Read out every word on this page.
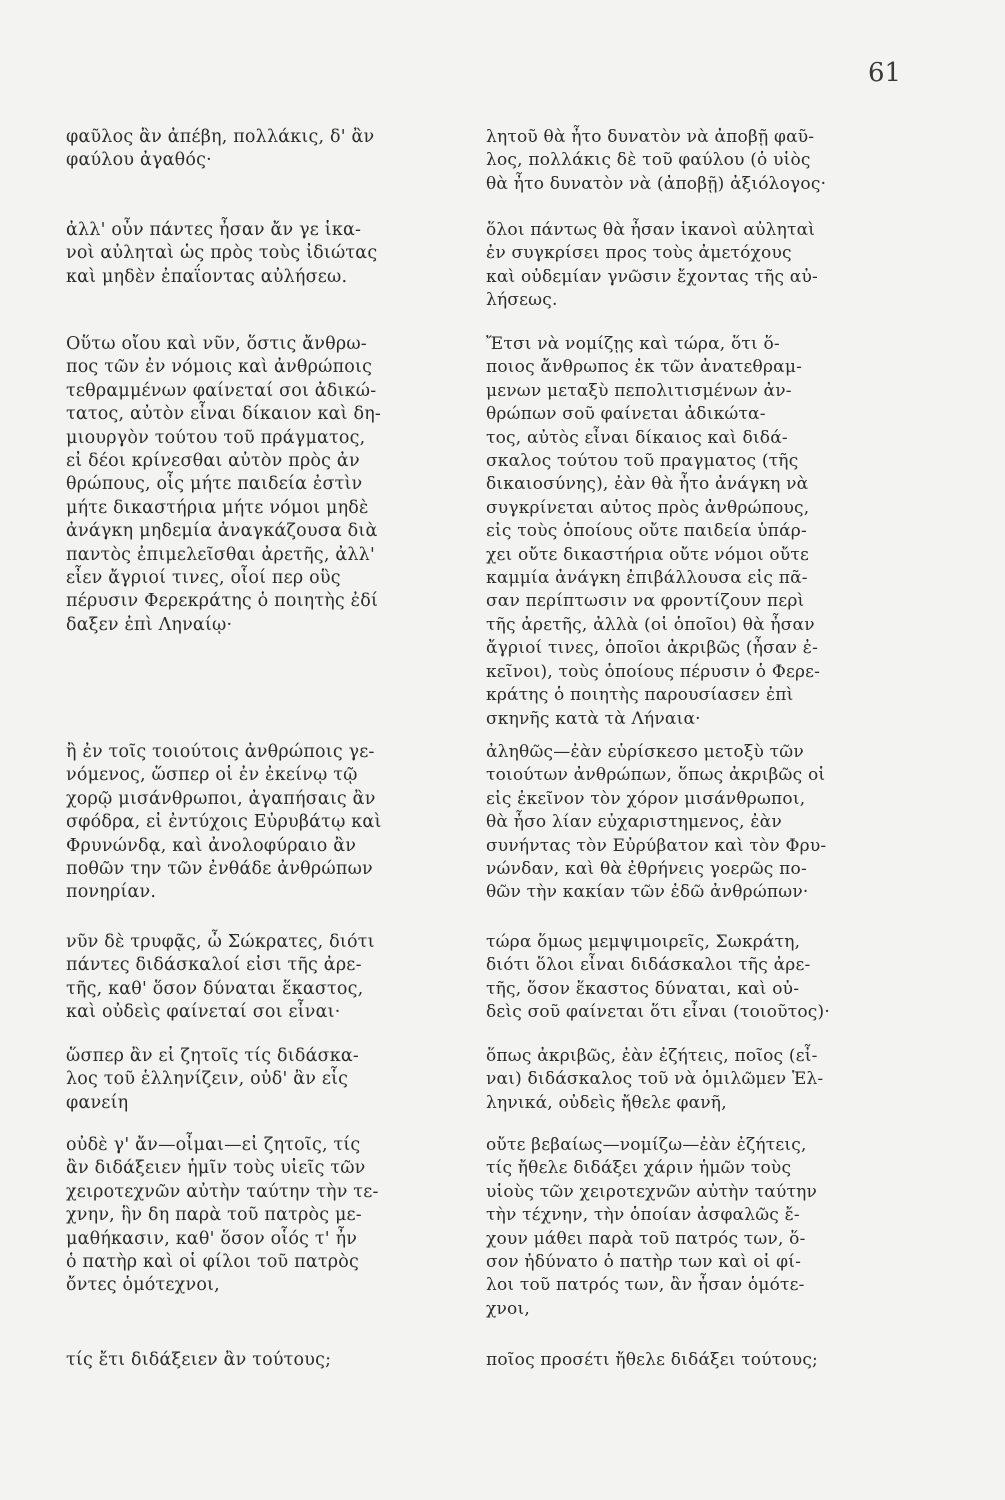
61
φαῦλος ἂν ἀπέβη, πολλάκις, δ' ἂν
φαύλου ἀγαθός·
ἀλλ' οὖν πάντες ἦσαν ἄν γε ἱκα-
νοὶ αὐληταὶ ὡς πρὸς τοὺς ἰδιώτας
καὶ μηδὲν ἐπαΐοντας αὐλήσεω.
Οὕτω οἴου καὶ νῦν, ὅστις ἄνθρω-
πος τῶν ἐν νόμοις καὶ ἀνθρώποις
τεθραμμένων φαίνεταί σοι ἀδικώ-
τατος, αὐτὸν εἶναι δίκαιον καὶ δη-
μιουργὸν τούτου τοῦ πράγματος,
εἰ δέοι κρίνεσθαι αὐτὸν πρὸς ἀν
θρώπους, οἷς μήτε παιδεία ἐστὶν
μήτε δικαστήρια μήτε νόμοι μηδὲ
ἀνάγκη μηδεμία ἀναγκάζουσα διὰ
παντὸς ἐπιμελεῖσθαι ἀρετῆς, ἀλλ'
εἶεν ἄγριοί τινες, οἷοί περ οὓς
πέρυσιν Φερεκράτης ὁ ποιητὴς ἐδί
δαξεν ἐπὶ Ληναίῳ·
ἢ ἐν τοῖς τοιούτοις ἀνθρώποις γε-
νόμενος, ὥσπερ οἱ ἐν ἐκείνῳ τῷ
χορῷ μισάνθρωποι, ἀγαπήσαις ἂν
σφόδρα, εἰ ἐντύχοις Εὐρυβάτῳ καὶ
Φρυνώνδᾳ, καὶ ἀνολοφύραιο ἂν
ποθῶν την τῶν ἐνθάδε ἀνθρώπων
πονηρίαν.
νῦν δὲ τρυφᾷς, ὦ Σώκρατες, διότι
πάντες διδάσκαλοί εἰσι τῆς ἀρε-
τῆς, καθ' ὅσον δύναται ἕκαστος,
καὶ οὐδεὶς φαίνεταί σοι εἶναι·
ὥσπερ ἂν εἰ ζητοῖς τίς διδάσκα-
λος τοῦ ἑλληνίζειν, οὐδ' ἂν εἷς
φανείη
οὐδὲ γ' ἄν—οἶμαι—εἰ ζητοῖς, τίς
ἂν διδάξειεν ἡμῖν τοὺς υἱεῖς τῶν
χειροτεχνῶν αὐτὴν ταύτην τὴν τε-
χνην, ἣν δη παρὰ τοῦ πατρὸς με-
μαθήκασιν, καθ' ὅσον οἷός τ' ἦν
ὁ πατὴρ καὶ οἱ φίλοι τοῦ πατρὸς
ὄντες ὁμότεχνοι,
τίς ἔτι διδάξειεν ἂν τούτους;
λητοῦ θὰ ἦτο δυνατὸν νὰ ἀποβῇ φαῦ-
λος, πολλάκις δὲ τοῦ φαύλου (ὁ υἱὸς
θὰ ἦτο δυνατὸν νὰ (ἀποβῇ) ἀξιόλογος·
ὅλοι πάντως θὰ ἦσαν ἱκανοὶ αὐληταὶ
ἐν συγκρίσει προς τοὺς ἀμετόχους
καὶ οὐδεμίαν γνῶσιν ἔχοντας τῆς αὐ-
λήσεως.
Ἔτσι νὰ νομίζῃς καὶ τώρα, ὅτι ὅ-
ποιος ἄνθρωπος ἐκ τῶν ἀνατεθραμ-
μενων μεταξὺ πεπολιτισμένων ἀν-
θρώπων σοῦ φαίνεται ἀδικώτα-
τος, αὐτὸς εἶναι δίκαιος καὶ διδά-
σκαλος τούτου τοῦ πραγματος (τῆς
δικαιοσύνης), ἐὰν θὰ ἦτο ἀνάγκη νὰ
συγκρίνεται αὐτος πρὸς ἀνθρώπους,
εἰς τοὺς ὁποίους οὔτε παιδεία ὑπάρ-
χει οὔτε δικαστήρια οὔτε νόμοι οὔτε
καμμία ἀνάγκη ἐπιβάλλουσα εἰς πᾶ-
σαν περίπτωσιν να φροντίζουν περὶ
τῆς ἀρετῆς, ἀλλὰ (οἱ ὁποῖοι) θὰ ἦσαν
ἄγριοί τινες, ὁποῖοι ἀκριβῶς (ἦσαν ἐ-
κεῖνοι), τοὺς ὁποίους πέρυσιν ὁ Φερε-
κράτης ὁ ποιητὴς παρουσίασεν ἐπὶ
σκηνῆς κατὰ τὰ Λήναια·
ἀληθῶς—ἐὰν εὑρίσκεσο μετοξὺ τῶν
τοιούτων ἀνθρώπων, ὅπως ἀκριβῶς οἱ
εἰς ἐκεῖνον τὸν χόρον μισάνθρωποι,
θὰ ἦσο λίαν εὐχαριστημενος, ἐὰν
συνήντας τὸν Εὐρύβατον καὶ τὸν Φρυ-
νώνδαν, καὶ θὰ ἐθρήνεις γοερῶς πο-
θῶν τὴν κακίαν τῶν ἐδῶ ἀνθρώπων·
τώρα ὅμως μεμψιμοιρεῖς, Σωκράτη,
διότι ὅλοι εἶναι διδάσκαλοι τῆς ἀρε-
τῆς, ὅσον ἕκαστος δύναται, καὶ οὐ-
δεὶς σοῦ φαίνεται ὅτι εἶναι (τοιοῦτος)·
ὅπως ἀκριβῶς, ἐὰν ἐζήτεις, ποῖος (εἶ-
ναι) διδάσκαλος τοῦ νὰ ὁμιλῶμεν Ἑλ-
ληνικά, οὐδεὶς ἤθελε φανῆ,
οὔτε βεβαίως—νομίζω—ἐὰν ἐζήτεις,
τίς ἤθελε διδάξει χάριν ἡμῶν τοὺς
υἱοὺς τῶν χειροτεχνῶν αὐτὴν ταύτην
τὴν τέχνην, τὴν ὁποίαν ἀσφαλῶς ἔ-
χουν μάθει παρὰ τοῦ πατρός των, ὅ-
σον ἠδύνατο ὁ πατὴρ των καὶ οἱ φί-
λοι τοῦ πατρός των, ἂν ἦσαν ὁμότε-
χνοι,
ποῖος προσέτι ἤθελε διδάξει τούτους;
